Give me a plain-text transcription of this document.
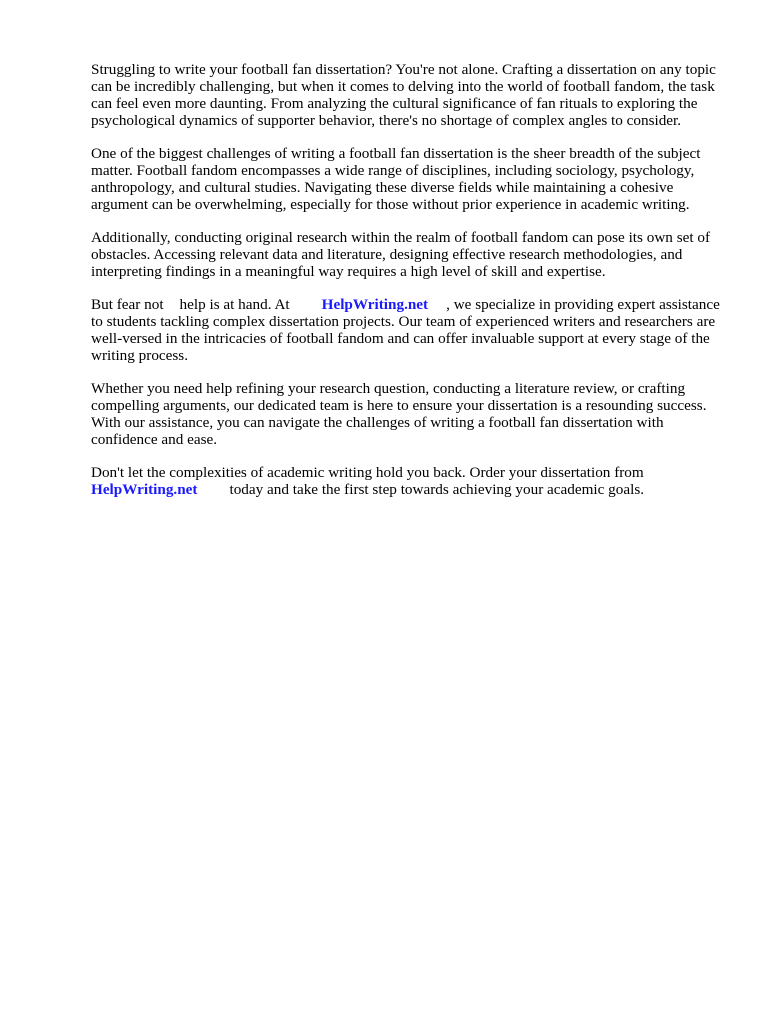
Struggling to write your football fan dissertation? You're not alone. Crafting a dissertation on any topic can be incredibly challenging, but when it comes to delving into the world of football fandom, the task can feel even more daunting. From analyzing the cultural significance of fan rituals to exploring the psychological dynamics of supporter behavior, there's no shortage of complex angles to consider.

One of the biggest challenges of writing a football fan dissertation is the sheer breadth of the subject matter. Football fandom encompasses a wide range of disciplines, including sociology, psychology, anthropology, and cultural studies. Navigating these diverse fields while maintaining a cohesive argument can be overwhelming, especially for those without prior experience in academic writing.

Additionally, conducting original research within the realm of football fandom can pose its own set of obstacles. Accessing relevant data and literature, designing effective research methodologies, and interpreting findings in a meaningful way requires a high level of skill and expertise.

But fear not help is at hand. At HelpWriting.net , we specialize in providing expert assistance to students tackling complex dissertation projects. Our team of experienced writers and researchers are well-versed in the intricacies of football fandom and can offer invaluable support at every stage of the writing process.

Whether you need help refining your research question, conducting a literature review, or crafting compelling arguments, our dedicated team is here to ensure your dissertation is a resounding success. With our assistance, you can navigate the challenges of writing a football fan dissertation with confidence and ease.

Don't let the complexities of academic writing hold you back. Order your dissertation from
HelpWriting.net today and take the first step towards achieving your academic goals.
